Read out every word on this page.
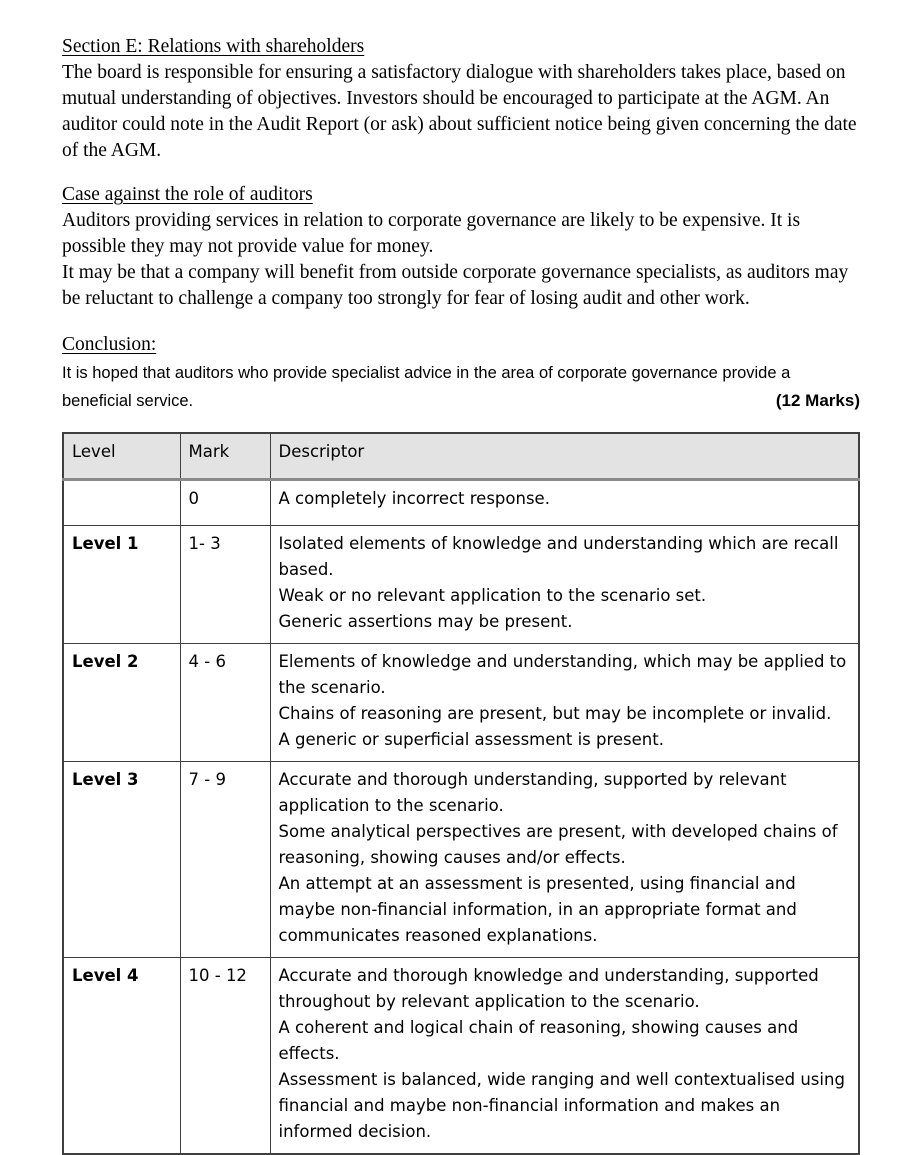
Section E: Relations with shareholders
The board is responsible for ensuring a satisfactory dialogue with shareholders takes place, based on mutual understanding of objectives. Investors should be encouraged to participate at the AGM. An auditor could note in the Audit Report (or ask) about sufficient notice being given concerning the date of the AGM.
Case against the role of auditors
Auditors providing services in relation to corporate governance are likely to be expensive. It is possible they may not provide value for money.
It may be that a company will benefit from outside corporate governance specialists, as auditors may be reluctant to challenge a company too strongly for fear of losing audit and other work.
Conclusion:
It is hoped that auditors who provide specialist advice in the area of corporate governance provide a
beneficial service.	(12 Marks)
Level	Mark	Descriptor
	0	A completely incorrect response.

Level 1	1- 3	Isolated elements of knowledge and understanding which are recall based.
Weak or no relevant application to the scenario set.
Generic assertions may be present.

Level 2	4 - 6	Elements of knowledge and understanding, which may be applied to the scenario.
Chains of reasoning are present, but may be incomplete or invalid.
A generic or superficial assessment is present.

Level 3	7 - 9	Accurate and thorough understanding, supported by relevant application to the scenario.
Some analytical perspectives are present, with developed chains of reasoning, showing causes and/or effects.
An attempt at an assessment is presented, using financial and maybe non-financial information, in an appropriate format and communicates reasoned explanations.

Level 4	10 - 12	Accurate and thorough knowledge and understanding, supported throughout by relevant application to the scenario.
A coherent and logical chain of reasoning, showing causes and effects.
Assessment is balanced, wide ranging and well contextualised using financial and maybe non-financial information and makes an informed decision.
